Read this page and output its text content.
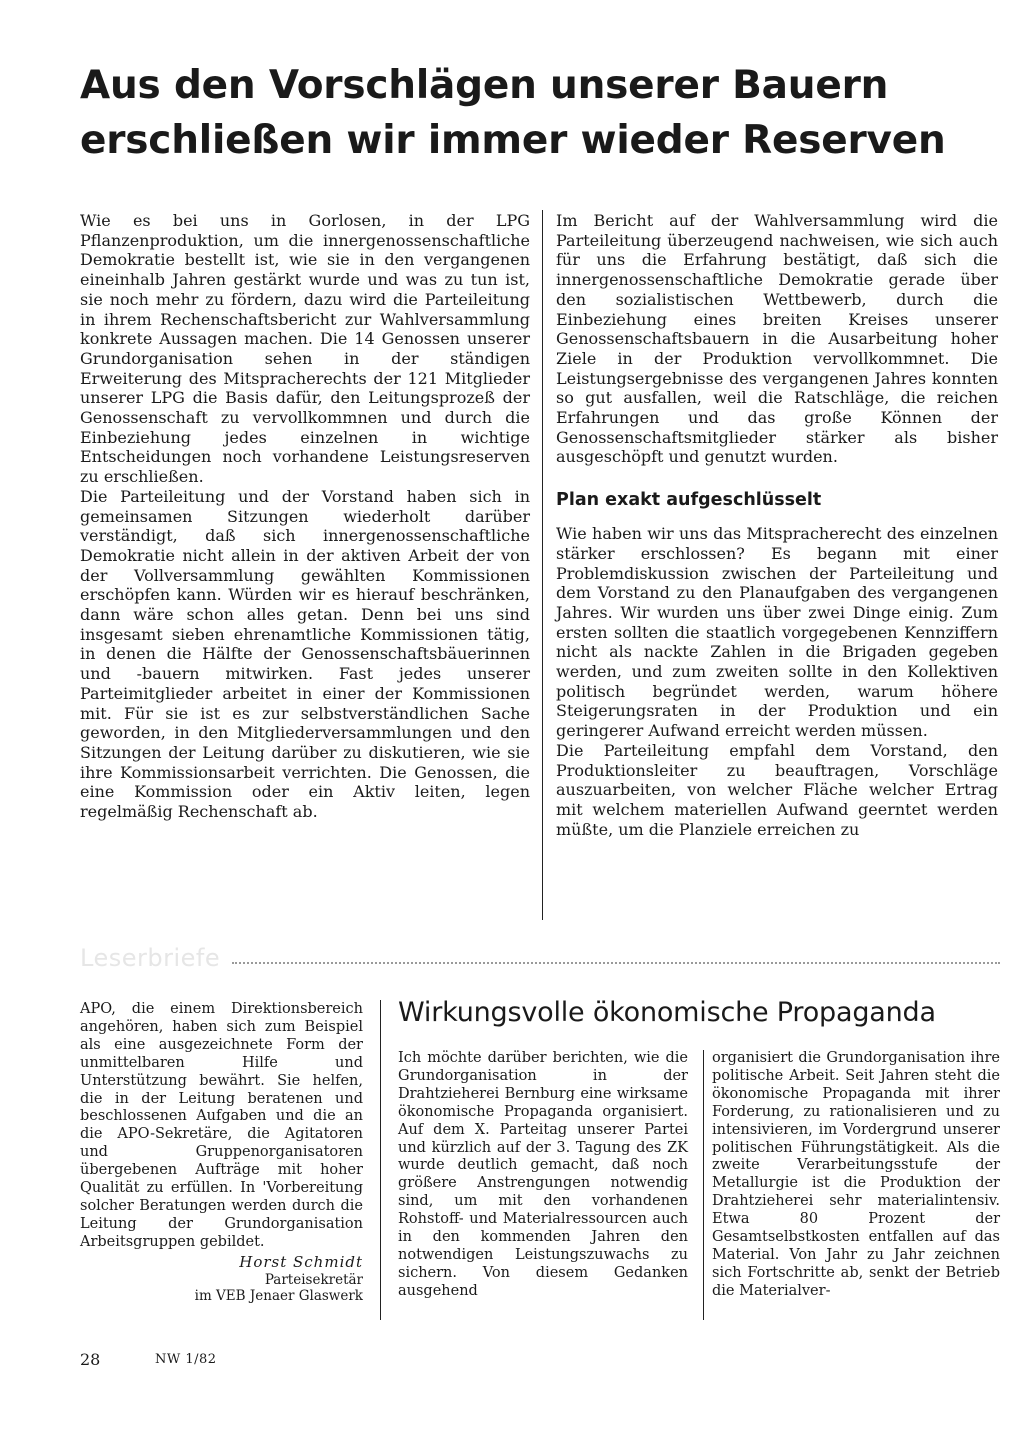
Aus den Vorschlägen unserer Bauern erschließen wir immer wieder Reserven

Wie es bei uns in Gorlosen, in der LPG Pflanzenproduktion, um die innergenossenschaftliche Demokratie bestellt ist, wie sie in den vergangenen eineinhalb Jahren gestärkt wurde und was zu tun ist, sie noch mehr zu fördern, dazu wird die Parteileitung in ihrem Rechenschaftsbericht zur Wahlversammlung konkrete Aussagen machen. Die 14 Genossen unserer Grundorganisation sehen in der ständigen Erweiterung des Mitspracherechts der 121 Mitglieder unserer LPG die Basis dafür, den Leitungsprozeß der Genossenschaft zu vervollkommnen und durch die Einbeziehung jedes einzelnen in wichtige Entscheidungen noch vorhandene Leistungsreserven zu erschließen.

Die Parteileitung und der Vorstand haben sich in gemeinsamen Sitzungen wiederholt darüber verständigt, daß sich innergenossenschaftliche Demokratie nicht allein in der aktiven Arbeit der von der Vollversammlung gewählten Kommissionen erschöpfen kann. Würden wir es hierauf beschränken, dann wäre schon alles getan. Denn bei uns sind insgesamt sieben ehrenamtliche Kommissionen tätig, in denen die Hälfte der Genossenschaftsbäuerinnen und -bauern mitwirken. Fast jedes unserer Parteimitglieder arbeitet in einer der Kommissionen mit. Für sie ist es zur selbstverständlichen Sache geworden, in den Mitgliederversammlungen und den Sitzungen der Leitung darüber zu diskutieren, wie sie ihre Kommissionsarbeit verrichten. Die Genossen, die eine Kommission oder ein Aktiv leiten, legen regelmäßig Rechenschaft ab.

Im Bericht auf der Wahlversammlung wird die Parteileitung überzeugend nachweisen, wie sich auch für uns die Erfahrung bestätigt, daß sich die innergenossenschaftliche Demokratie gerade über den sozialistischen Wettbewerb, durch die Einbeziehung eines breiten Kreises unserer Genossenschaftsbauern in die Ausarbeitung hoher Ziele in der Produktion vervollkommnet. Die Leistungsergebnisse des vergangenen Jahres konnten so gut ausfallen, weil die Ratschläge, die reichen Erfahrungen und das große Können der Genossenschaftsmitglieder stärker als bisher ausgeschöpft und genutzt wurden.

Plan exakt aufgeschlüsselt

Wie haben wir uns das Mitspracherecht des einzelnen stärker erschlossen? Es begann mit einer Problemdiskussion zwischen der Parteileitung und dem Vorstand zu den Planaufgaben des vergangenen Jahres. Wir wurden uns über zwei Dinge einig. Zum ersten sollten die staatlich vorgegebenen Kennziffern nicht als nackte Zahlen in die Brigaden gegeben werden, und zum zweiten sollte in den Kollektiven politisch begründet werden, warum höhere Steigerungsraten in der Produktion und ein geringerer Aufwand erreicht werden müssen.

Die Parteileitung empfahl dem Vorstand, den Produktionsleiter zu beauftragen, Vorschläge auszuarbeiten, von welcher Fläche welcher Ertrag mit welchem materiellen Aufwand geerntet werden müßte, um die Planziele erreichen zu

Leserbriefe

APO, die einem Direktionsbereich angehören, haben sich zum Beispiel als eine ausgezeichnete Form der unmittelbaren Hilfe und Unterstützung bewährt. Sie helfen, die in der Leitung beratenen und beschlossenen Aufgaben und die an die APO-Sekretäre, die Agitatoren und Gruppenorganisatoren übergebenen Aufträge mit hoher Qualität zu erfüllen. In 'Vorbereitung solcher Beratungen werden durch die Leitung der Grundorganisation Arbeitsgruppen gebildet.

Horst Schmidt
Parteisekretär
im VEB Jenaer Glaswerk
Wirkungsvolle ökonomische Propaganda

Ich möchte darüber berichten, wie die Grundorganisation in der Drahtzieherei Bernburg eine wirksame ökonomische Propaganda organisiert. Auf dem X. Parteitag unserer Partei und kürzlich auf der 3. Tagung des ZK wurde deutlich gemacht, daß noch größere Anstrengungen notwendig sind, um mit den vorhandenen Rohstoff- und Materialressourcen auch in den kommenden Jahren den notwendigen Leistungszuwachs zu sichern. Von diesem Gedanken ausgehend

organisiert die Grundorganisation ihre politische Arbeit. Seit Jahren steht die ökonomische Propaganda mit ihrer Forderung, zu rationalisieren und zu intensivieren, im Vordergrund unserer politischen Führungstätigkeit. Als die zweite Verarbeitungsstufe der Metallurgie ist die Produktion der Drahtzieherei sehr materialintensiv. Etwa 80 Prozent der Gesamtselbstkosten entfallen auf das Material. Von Jahr zu Jahr zeichnen sich Fortschritte ab, senkt der Betrieb die Materialver-

28	NW 1/82
